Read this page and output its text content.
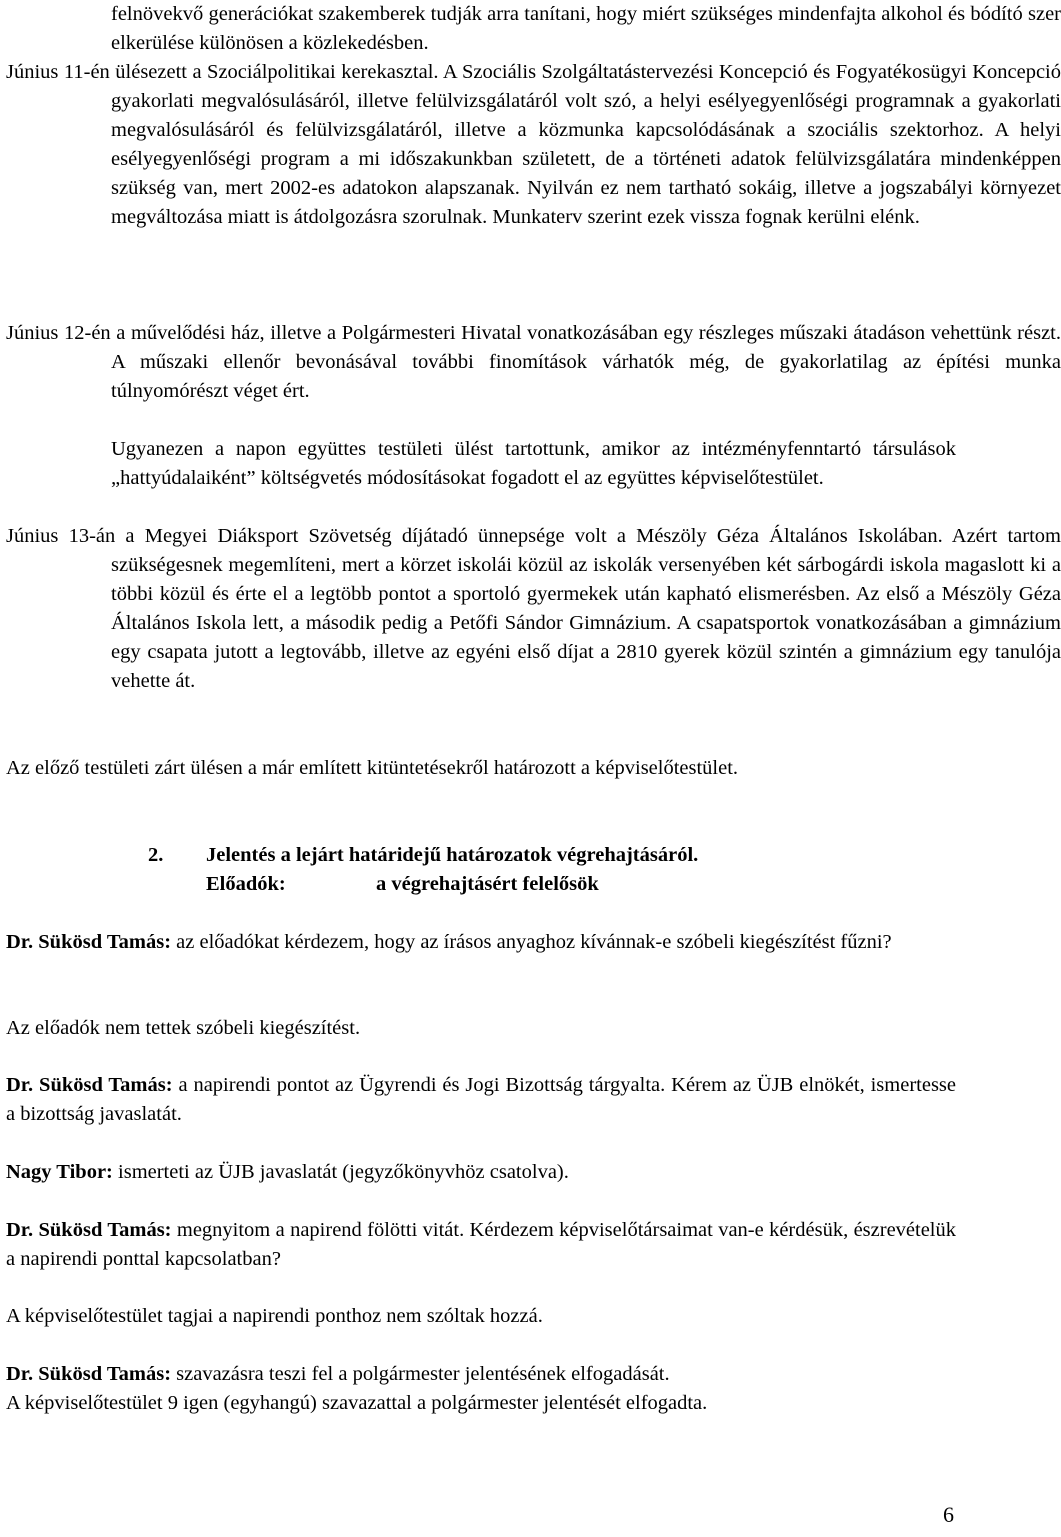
felnövekvő generációkat szakemberek tudják arra tanítani, hogy miért szükséges mindenfajta alkohol és bódító szer elkerülése különösen a közlekedésben.

Június 11-én ülésezett a Szociálpolitikai kerekasztal. A Szociális Szolgáltatástervezési Koncepció és Fogyatékosügyi Koncepció gyakorlati megvalósulásáról, illetve felülvizsgálatáról volt szó, a helyi esélyegyenlőségi programnak a gyakorlati megvalósulásáról és felülvizsgálatáról, illetve a közmunka kapcsolódásának a szociális szektorhoz. A helyi esélyegyenlőségi program a mi időszakunkban született, de a történeti adatok felülvizsgálatára mindenképpen szükség van, mert 2002-es adatokon alapszanak. Nyilván ez nem tartható sokáig, illetve a jogszabályi környezet megváltozása miatt is átdolgozásra szorulnak. Munkaterv szerint ezek vissza fognak kerülni elénk.

Június 12-én a művelődési ház, illetve a Polgármesteri Hivatal vonatkozásában egy részleges műszaki átadáson vehettünk részt. A műszaki ellenőr bevonásával további finomítások várhatók még, de gyakorlatilag az építési munka túlnyomórészt véget ért.

Ugyanezen a napon együttes testületi ülést tartottunk, amikor az intézményfenntartó társulások „hattyúdalaiként” költségvetés módosításokat fogadott el az együttes képviselőtestület.

Június 13-án a Megyei Diáksport Szövetség díjátadó ünnepsége volt a Mészöly Géza Általános Iskolában. Azért tartom szükségesnek megemlíteni, mert a körzet iskolái közül az iskolák versenyében két sárbogárdi iskola magaslott ki a többi közül és érte el a legtöbb pontot a sportoló gyermekek után kapható elismerésben. Az első a Mészöly Géza Általános Iskola lett, a második pedig a Petőfi Sándor Gimnázium. A csapatsportok vonatkozásában a gimnázium egy csapata jutott a legtovább, illetve az egyéni első díjat a 2810 gyerek közül szintén a gimnázium egy tanulója vehette át.

Az előző testületi zárt ülésen a már említett kitüntetésekről határozott a képviselőtestület.

2. Jelentés a lejárt határidejű határozatok végrehajtásáról.

Előadók:	a végrehajtásért felelősök

Dr. Sükösd Tamás: az előadókat kérdezem, hogy az írásos anyaghoz kívánnak-e szóbeli kiegészítést fűzni?

Az előadók nem tettek szóbeli kiegészítést.

Dr. Sükösd Tamás: a napirendi pontot az Ügyrendi és Jogi Bizottság tárgyalta. Kérem az ÜJB elnökét, ismertesse a bizottság javaslatát.

Nagy Tibor: ismerteti az ÜJB javaslatát (jegyzőkönyvhöz csatolva).

Dr. Sükösd Tamás: megnyitom a napirend fölötti vitát. Kérdezem képviselőtársaimat van-e kérdésük, észrevételük a napirendi ponttal kapcsolatban?

A képviselőtestület tagjai a napirendi ponthoz nem szóltak hozzá.

Dr. Sükösd Tamás: szavazásra teszi fel a polgármester jelentésének elfogadását.

A képviselőtestület 9 igen (egyhangú) szavazattal a polgármester jelentését elfogadta.

6
